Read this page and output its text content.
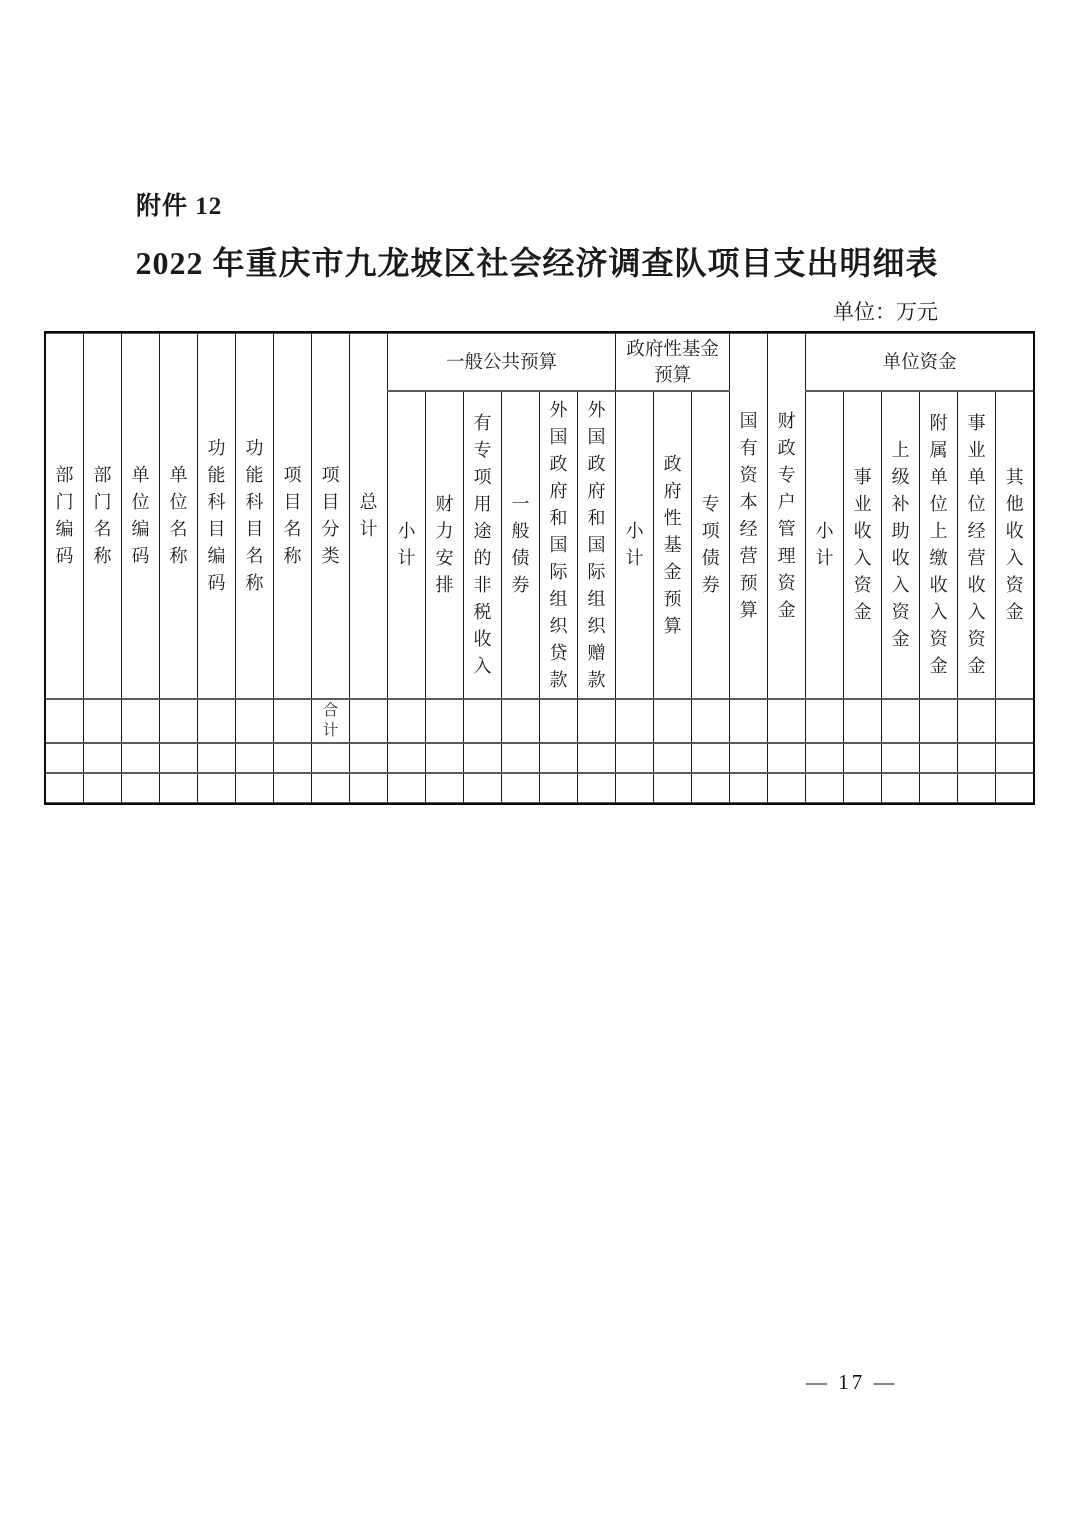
附件 12
2022 年重庆市九龙坡区社会经济调查队项目支出明细表
单位：万元
部门编码	部门名称	单位编码	单位名称	功能科目编码	功能科目名称	项目名称	项目分类	总计	一般公共预算						政府性基金预算			国有资本经营预算	财政专户管理资金	单位资金					
									小计	财力安排	有专项用途的非税收入	一般债券	外国政府和国际组织贷款	外国政府和国际组织赠款	小计	政府性基金预算	专项债券			小计	事业收入资金	上级补助收入资金	附属单位上缴收入资金	事业单位经营收入资金	其他收入资金
							合计																		

— 17 —
